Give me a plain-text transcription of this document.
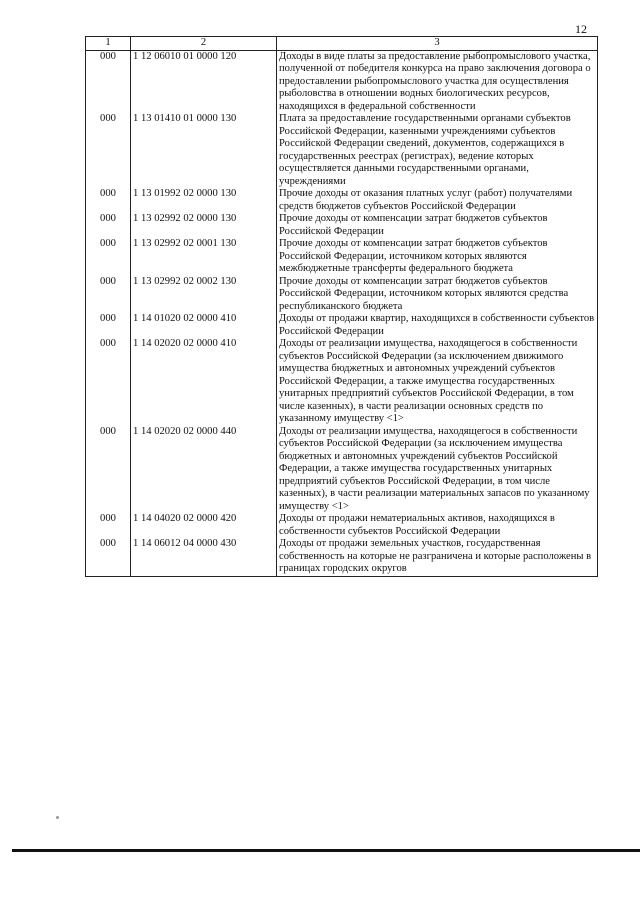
12
1	2	3
000	1 12 06010 01 0000 120	Доходы в виде платы за предоставление рыбопромыслового участка, полученной от победителя конкурса на право заключения договора о предоставлении рыбопромыслового участка для осуществления рыболовства в отношении водных биологических ресурсов, находящихся в федеральной собственности
000	1 13 01410 01 0000 130	Плата за предоставление государственными органами субъектов Российской Федерации, казенными учреждениями субъектов Российской Федерации сведений, документов, содержащихся в государственных реестрах (регистрах), ведение которых осуществляется данными государственными органами, учреждениями
000	1 13 01992 02 0000 130	Прочие доходы от оказания платных услуг (работ) получателями средств бюджетов субъектов Российской Федерации
000	1 13 02992 02 0000 130	Прочие доходы от компенсации затрат бюджетов субъектов Российской Федерации
000	1 13 02992 02 0001 130	Прочие доходы от компенсации затрат бюджетов субъектов Российской Федерации, источником которых являются межбюджетные трансферты федерального бюджета
000	1 13 02992 02 0002 130	Прочие доходы от компенсации затрат бюджетов субъектов Российской Федерации, источником которых являются средства республиканского бюджета
000	1 14 01020 02 0000 410	Доходы от продажи квартир, находящихся в собственности субъектов Российской Федерации
000	1 14 02020 02 0000 410	Доходы от реализации имущества, находящегося в собственности субъектов Российской Федерации (за исключением движимого имущества бюджетных и автономных учреждений субъектов Российской Федерации, а также имущества государственных унитарных предприятий субъектов Российской Федерации, в том числе казенных), в части реализации основных средств по указанному имуществу <1>
000	1 14 02020 02 0000 440	Доходы от реализации имущества, находящегося в собственности субъектов Российской Федерации (за исключением имущества бюджетных и автономных учреждений субъектов Российской Федерации, а также имущества государственных унитарных предприятий субъектов Российской Федерации, в том числе казенных), в части реализации материальных запасов по указанному имуществу <1>
000	1 14 04020 02 0000 420	Доходы от продажи нематериальных активов, находящихся в собственности субъектов Российской Федерации
000	1 14 06012 04 0000 430	Доходы от продажи земельных участков, государственная собственность на которые не разграничена и которые расположены в границах городских округов
